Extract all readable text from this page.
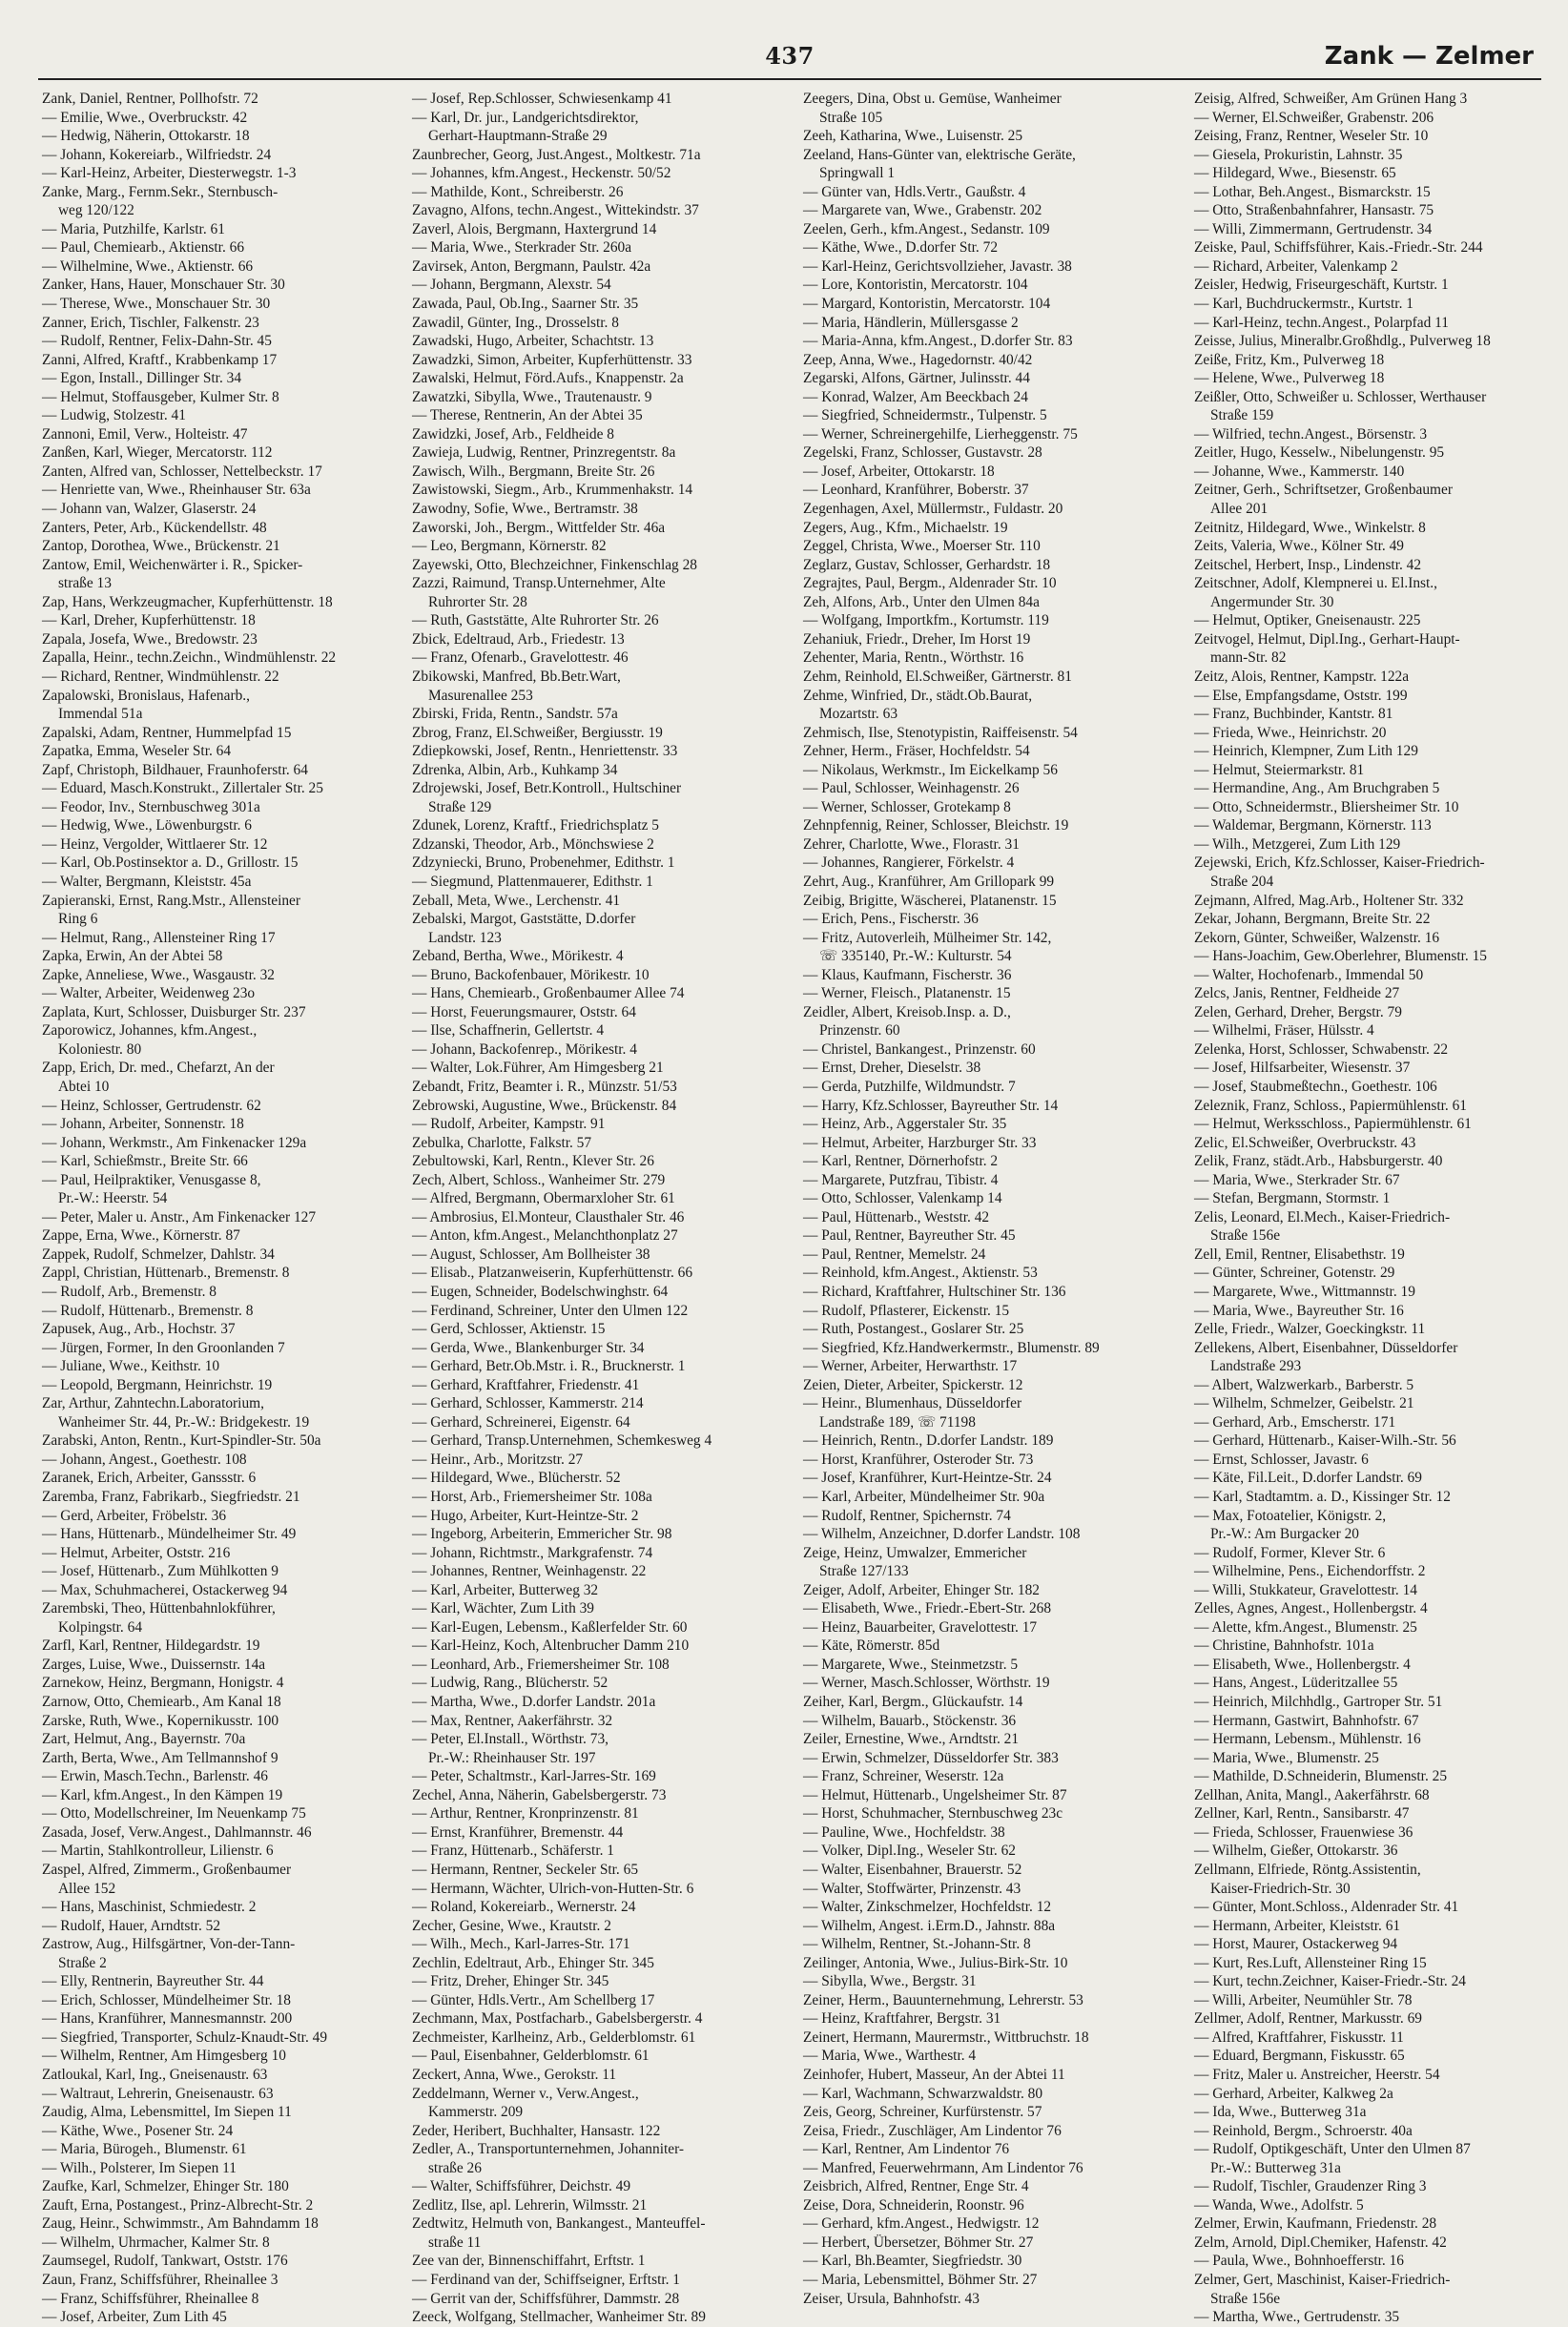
437	Zank — Zelmer
Zank, Daniel, Rentner, Pollhofstr. 72
— Emilie, Wwe., Overbruckstr. 42
— Hedwig, Näherin, Ottokarstr. 18
— Johann, Kokereiarb., Wilfriedstr. 24
— Karl-Heinz, Arbeiter, Diesterwegstr. 1-3
Zanke, Marg., Fernm.Sekr., Sternbusch-
weg 120/122
— Maria, Putzhilfe, Karlstr. 61
— Paul, Chemiearb., Aktienstr. 66
— Wilhelmine, Wwe., Aktienstr. 66
Zanker, Hans, Hauer, Monschauer Str. 30
— Therese, Wwe., Monschauer Str. 30
Zanner, Erich, Tischler, Falkenstr. 23
— Rudolf, Rentner, Felix-Dahn-Str. 45
Zanni, Alfred, Kraftf., Krabbenkamp 17
— Egon, Install., Dillinger Str. 34
— Helmut, Stoffausgeber, Kulmer Str. 8
— Ludwig, Stolzestr. 41
Zannoni, Emil, Verw., Holteistr. 47
Zanßen, Karl, Wieger, Mercatorstr. 112
Zanten, Alfred van, Schlosser, Nettelbeckstr. 17
— Henriette van, Wwe., Rheinhauser Str. 63a
— Johann van, Walzer, Glaserstr. 24
Zanters, Peter, Arb., Kückendellstr. 48
Zantop, Dorothea, Wwe., Brückenstr. 21
Zantow, Emil, Weichenwärter i. R., Spicker-
straße 13
Zap, Hans, Werkzeugmacher, Kupferhüttenstr. 18
— Karl, Dreher, Kupferhüttenstr. 18
Zapala, Josefa, Wwe., Bredowstr. 23
Zapalla, Heinr., techn.Zeichn., Windmühlenstr. 22
— Richard, Rentner, Windmühlenstr. 22
Zapalowski, Bronislaus, Hafenarb.,
Immendal 51a
Zapalski, Adam, Rentner, Hummelpfad 15
Zapatka, Emma, Weseler Str. 64
Zapf, Christoph, Bildhauer, Fraunhoferstr. 64
— Eduard, Masch.Konstrukt., Zillertaler Str. 25
— Feodor, Inv., Sternbuschweg 301a
— Hedwig, Wwe., Löwenburgstr. 6
— Heinz, Vergolder, Wittlaerer Str. 12
— Karl, Ob.Postinsektor a. D., Grillostr. 15
— Walter, Bergmann, Kleiststr. 45a
Zapieranski, Ernst, Rang.Mstr., Allensteiner
Ring 6
— Helmut, Rang., Allensteiner Ring 17
Zapka, Erwin, An der Abtei 58
Zapke, Anneliese, Wwe., Wasgaustr. 32
— Walter, Arbeiter, Weidenweg 23o
Zaplata, Kurt, Schlosser, Duisburger Str. 237
Zaporowicz, Johannes, kfm.Angest.,
Koloniestr. 80
Zapp, Erich, Dr. med., Chefarzt, An der
Abtei 10
— Heinz, Schlosser, Gertrudenstr. 62
— Johann, Arbeiter, Sonnenstr. 18
— Johann, Werkmstr., Am Finkenacker 129a
— Karl, Schießmstr., Breite Str. 66
— Paul, Heilpraktiker, Venusgasse 8,
Pr.-W.: Heerstr. 54
— Peter, Maler u. Anstr., Am Finkenacker 127
Zappe, Erna, Wwe., Körnerstr. 87
Zappek, Rudolf, Schmelzer, Dahlstr. 34
Zappl, Christian, Hüttenarb., Bremenstr. 8
— Rudolf, Arb., Bremenstr. 8
— Rudolf, Hüttenarb., Bremenstr. 8
Zapusek, Aug., Arb., Hochstr. 37
— Jürgen, Former, In den Groonlanden 7
— Juliane, Wwe., Keithstr. 10
— Leopold, Bergmann, Heinrichstr. 19
Zar, Arthur, Zahntechn.Laboratorium,
Wanheimer Str. 44, Pr.-W.: Bridgekestr. 19
Zarabski, Anton, Rentn., Kurt-Spindler-Str. 50a
— Johann, Angest., Goethestr. 108
Zaranek, Erich, Arbeiter, Ganssstr. 6
Zaremba, Franz, Fabrikarb., Siegfriedstr. 21
— Gerd, Arbeiter, Fröbelstr. 36
— Hans, Hüttenarb., Mündelheimer Str. 49
— Helmut, Arbeiter, Oststr. 216
— Josef, Hüttenarb., Zum Mühlkotten 9
— Max, Schuhmacherei, Ostackerweg 94
Zarembski, Theo, Hüttenbahnlokführer,
Kolpingstr. 64
Zarfl, Karl, Rentner, Hildegardstr. 19
Zarges, Luise, Wwe., Duissernstr. 14a
Zarnekow, Heinz, Bergmann, Honigstr. 4
Zarnow, Otto, Chemiearb., Am Kanal 18
Zarske, Ruth, Wwe., Kopernikusstr. 100
Zart, Helmut, Ang., Bayernstr. 70a
Zarth, Berta, Wwe., Am Tellmannshof 9
— Erwin, Masch.Techn., Barlenstr. 46
— Karl, kfm.Angest., In den Kämpen 19
— Otto, Modellschreiner, Im Neuenkamp 75
Zasada, Josef, Verw.Angest., Dahlmannstr. 46
— Martin, Stahlkontrolleur, Lilienstr. 6
Zaspel, Alfred, Zimmerm., Großenbaumer
Allee 152
— Hans, Maschinist, Schmiedestr. 2
— Rudolf, Hauer, Arndtstr. 52
Zastrow, Aug., Hilfsgärtner, Von-der-Tann-
Straße 2
— Elly, Rentnerin, Bayreuther Str. 44
— Erich, Schlosser, Mündelheimer Str. 18
— Hans, Kranführer, Mannesmannstr. 200
— Siegfried, Transporter, Schulz-Knaudt-Str. 49
— Wilhelm, Rentner, Am Himgesberg 10
Zatloukal, Karl, Ing., Gneisenaustr. 63
— Waltraut, Lehrerin, Gneisenaustr. 63
Zaudig, Alma, Lebensmittel, Im Siepen 11
— Käthe, Wwe., Posener Str. 24
— Maria, Bürogeh., Blumenstr. 61
— Wilh., Polsterer, Im Siepen 11
Zaufke, Karl, Schmelzer, Ehinger Str. 180
Zauft, Erna, Postangest., Prinz-Albrecht-Str. 2
Zaug, Heinr., Schwimmstr., Am Bahndamm 18
— Wilhelm, Uhrmacher, Kalmer Str. 8
Zaumsegel, Rudolf, Tankwart, Oststr. 176
Zaun, Franz, Schiffsführer, Rheinallee 3
— Franz, Schiffsführer, Rheinallee 8
— Josef, Arbeiter, Zum Lith 45
— Josef, Rep.Schlosser, Schwiesenkamp 41
— Karl, Dr. jur., Landgerichtsdirektor,
Gerhart-Hauptmann-Straße 29
Zaunbrecher, Georg, Just.Angest., Moltkestr. 71a
— Johannes, kfm.Angest., Heckenstr. 50/52
— Mathilde, Kont., Schreiberstr. 26
Zavagno, Alfons, techn.Angest., Wittekindstr. 37
Zaverl, Alois, Bergmann, Haxtergrund 14
— Maria, Wwe., Sterkrader Str. 260a
Zavirsek, Anton, Bergmann, Paulstr. 42a
— Johann, Bergmann, Alexstr. 54
Zawada, Paul, Ob.Ing., Saarner Str. 35
Zawadil, Günter, Ing., Drosselstr. 8
Zawadski, Hugo, Arbeiter, Schachtstr. 13
Zawadzki, Simon, Arbeiter, Kupferhüttenstr. 33
Zawalski, Helmut, Förd.Aufs., Knappenstr. 2a
Zawatzki, Sibylla, Wwe., Trautenaustr. 9
— Therese, Rentnerin, An der Abtei 35
Zawidzki, Josef, Arb., Feldheide 8
Zawieja, Ludwig, Rentner, Prinzregentstr. 8a
Zawisch, Wilh., Bergmann, Breite Str. 26
Zawistowski, Siegm., Arb., Krummenhakstr. 14
Zawodny, Sofie, Wwe., Bertramstr. 38
Zaworski, Joh., Bergm., Wittfelder Str. 46a
— Leo, Bergmann, Körnerstr. 82
Zayewski, Otto, Blechzeichner, Finkenschlag 28
Zazzi, Raimund, Transp.Unternehmer, Alte
Ruhrorter Str. 28
— Ruth, Gaststätte, Alte Ruhrorter Str. 26
Zbick, Edeltraud, Arb., Friedestr. 13
— Franz, Ofenarb., Gravelottestr. 46
Zbikowski, Manfred, Bb.Betr.Wart,
Masurenallee 253
Zbirski, Frida, Rentn., Sandstr. 57a
Zbrog, Franz, El.Schweißer, Bergiusstr. 19
Zdiepkowski, Josef, Rentn., Henriettenstr. 33
Zdrenka, Albin, Arb., Kuhkamp 34
Zdrojewski, Josef, Betr.Kontroll., Hultschiner
Straße 129
Zdunek, Lorenz, Kraftf., Friedrichsplatz 5
Zdzanski, Theodor, Arb., Mönchswiese 2
Zdzyniecki, Bruno, Probenehmer, Edithstr. 1
— Siegmund, Plattenmauerer, Edithstr. 1
Zeball, Meta, Wwe., Lerchenstr. 41
Zebalski, Margot, Gaststätte, D.dorfer
Landstr. 123
Zeband, Bertha, Wwe., Mörikestr. 4
— Bruno, Backofenbauer, Mörikestr. 10
— Hans, Chemiearb., Großenbaumer Allee 74
— Horst, Feuerungsmaurer, Oststr. 64
— Ilse, Schaffnerin, Gellertstr. 4
— Johann, Backofenrep., Mörikestr. 4
— Walter, Lok.Führer, Am Himgesberg 21
Zebandt, Fritz, Beamter i. R., Münzstr. 51/53
Zebrowski, Augustine, Wwe., Brückenstr. 84
— Rudolf, Arbeiter, Kampstr. 91
Zebulka, Charlotte, Falkstr. 57
Zebultowski, Karl, Rentn., Klever Str. 26
Zech, Albert, Schloss., Wanheimer Str. 279
— Alfred, Bergmann, Obermarxloher Str. 61
— Ambrosius, El.Monteur, Clausthaler Str. 46
— Anton, kfm.Angest., Melanchthonplatz 27
— August, Schlosser, Am Bollheister 38
— Elisab., Platzanweiserin, Kupferhüttenstr. 66
— Eugen, Schneider, Bodelschwinghstr. 64
— Ferdinand, Schreiner, Unter den Ulmen 122
— Gerd, Schlosser, Aktienstr. 15
— Gerda, Wwe., Blankenburger Str. 34
— Gerhard, Betr.Ob.Mstr. i. R., Brucknerstr. 1
— Gerhard, Kraftfahrer, Friedenstr. 41
— Gerhard, Schlosser, Kammerstr. 214
— Gerhard, Schreinerei, Eigenstr. 64
— Gerhard, Transp.Unternehmen, Schemkesweg 4
— Heinr., Arb., Moritzstr. 27
— Hildegard, Wwe., Blücherstr. 52
— Horst, Arb., Friemersheimer Str. 108a
— Hugo, Arbeiter, Kurt-Heintze-Str. 2
— Ingeborg, Arbeiterin, Emmericher Str. 98
— Johann, Richtmstr., Markgrafenstr. 74
— Johannes, Rentner, Weinhagenstr. 22
— Karl, Arbeiter, Butterweg 32
— Karl, Wächter, Zum Lith 39
— Karl-Eugen, Lebensm., Kaßlerfelder Str. 60
— Karl-Heinz, Koch, Altenbrucher Damm 210
— Leonhard, Arb., Friemersheimer Str. 108
— Ludwig, Rang., Blücherstr. 52
— Martha, Wwe., D.dorfer Landstr. 201a
— Max, Rentner, Aakerfährstr. 32
— Peter, El.Install., Wörthstr. 73,
Pr.-W.: Rheinhauser Str. 197
— Peter, Schaltmstr., Karl-Jarres-Str. 169
Zechel, Anna, Näherin, Gabelsbergerstr. 73
— Arthur, Rentner, Kronprinzenstr. 81
— Ernst, Kranführer, Bremenstr. 44
— Franz, Hüttenarb., Schäferstr. 1
— Hermann, Rentner, Seckeler Str. 65
— Hermann, Wächter, Ulrich-von-Hutten-Str. 6
— Roland, Kokereiarb., Wernerstr. 24
Zecher, Gesine, Wwe., Krautstr. 2
— Wilh., Mech., Karl-Jarres-Str. 171
Zechlin, Edeltraut, Arb., Ehinger Str. 345
— Fritz, Dreher, Ehinger Str. 345
— Günter, Hdls.Vertr., Am Schellberg 17
Zechmann, Max, Postfacharb., Gabelsbergerstr. 4
Zechmeister, Karlheinz, Arb., Gelderblomstr. 61
— Paul, Eisenbahner, Gelderblomstr. 61
Zeckert, Anna, Wwe., Gerokstr. 11
Zeddelmann, Werner v., Verw.Angest.,
Kammerstr. 209
Zeder, Heribert, Buchhalter, Hansastr. 122
Zedler, A., Transportunternehmen, Johanniter-
straße 26
— Walter, Schiffsführer, Deichstr. 49
Zedlitz, Ilse, apl. Lehrerin, Wilmsstr. 21
Zedtwitz, Helmuth von, Bankangest., Manteuffel-
straße 11
Zee van der, Binnenschiffahrt, Erftstr. 1
— Ferdinand van der, Schiffseigner, Erftstr. 1
— Gerrit van der, Schiffsführer, Dammstr. 28
Zeeck, Wolfgang, Stellmacher, Wanheimer Str. 89
Zeegers, Dina, Obst u. Gemüse, Wanheimer
Straße 105
Zeeh, Katharina, Wwe., Luisenstr. 25
Zeeland, Hans-Günter van, elektrische Geräte,
Springwall 1
— Günter van, Hdls.Vertr., Gaußstr. 4
— Margarete van, Wwe., Grabenstr. 202
Zeelen, Gerh., kfm.Angest., Sedanstr. 109
— Käthe, Wwe., D.dorfer Str. 72
— Karl-Heinz, Gerichtsvollzieher, Javastr. 38
— Lore, Kontoristin, Mercatorstr. 104
— Margard, Kontoristin, Mercatorstr. 104
— Maria, Händlerin, Müllersgasse 2
— Maria-Anna, kfm.Angest., D.dorfer Str. 83
Zeep, Anna, Wwe., Hagedornstr. 40/42
Zegarski, Alfons, Gärtner, Julinsstr. 44
— Konrad, Walzer, Am Beeckbach 24
— Siegfried, Schneidermstr., Tulpenstr. 5
— Werner, Schreinergehilfe, Lierheggenstr. 75
Zegelski, Franz, Schlosser, Gustavstr. 28
— Josef, Arbeiter, Ottokarstr. 18
— Leonhard, Kranführer, Boberstr. 37
Zegenhagen, Axel, Müllermstr., Fuldastr. 20
Zegers, Aug., Kfm., Michaelstr. 19
Zeggel, Christa, Wwe., Moerser Str. 110
Zeglarz, Gustav, Schlosser, Gerhardstr. 18
Zegrajtes, Paul, Bergm., Aldenrader Str. 10
Zeh, Alfons, Arb., Unter den Ulmen 84a
— Wolfgang, Importkfm., Kortumstr. 119
Zehaniuk, Friedr., Dreher, Im Horst 19
Zehenter, Maria, Rentn., Wörthstr. 16
Zehm, Reinhold, El.Schweißer, Gärtnerstr. 81
Zehme, Winfried, Dr., städt.Ob.Baurat,
Mozartstr. 63
Zehmisch, Ilse, Stenotypistin, Raiffeisenstr. 54
Zehner, Herm., Fräser, Hochfeldstr. 54
— Nikolaus, Werkmstr., Im Eickelkamp 56
— Paul, Schlosser, Weinhagenstr. 26
— Werner, Schlosser, Grotekamp 8
Zehnpfennig, Reiner, Schlosser, Bleichstr. 19
Zehrer, Charlotte, Wwe., Florastr. 31
— Johannes, Rangierer, Förkelstr. 4
Zehrt, Aug., Kranführer, Am Grillopark 99
Zeibig, Brigitte, Wäscherei, Platanenstr. 15
— Erich, Pens., Fischerstr. 36
— Fritz, Autoverleih, Mülheimer Str. 142,
☏ 335140, Pr.-W.: Kulturstr. 54
— Klaus, Kaufmann, Fischerstr. 36
— Werner, Fleisch., Platanenstr. 15
Zeidler, Albert, Kreisob.Insp. a. D.,
Prinzenstr. 60
— Christel, Bankangest., Prinzenstr. 60
— Ernst, Dreher, Dieselstr. 38
— Gerda, Putzhilfe, Wildmundstr. 7
— Harry, Kfz.Schlosser, Bayreuther Str. 14
— Heinz, Arb., Aggerstaler Str. 35
— Helmut, Arbeiter, Harzburger Str. 33
— Karl, Rentner, Dörnerhofstr. 2
— Margarete, Putzfrau, Tibistr. 4
— Otto, Schlosser, Valenkamp 14
— Paul, Hüttenarb., Weststr. 42
— Paul, Rentner, Bayreuther Str. 45
— Paul, Rentner, Memelstr. 24
— Reinhold, kfm.Angest., Aktienstr. 53
— Richard, Kraftfahrer, Hultschiner Str. 136
— Rudolf, Pflasterer, Eickenstr. 15
— Ruth, Postangest., Goslarer Str. 25
— Siegfried, Kfz.Handwerkermstr., Blumenstr. 89
— Werner, Arbeiter, Herwarthstr. 17
Zeien, Dieter, Arbeiter, Spickerstr. 12
— Heinr., Blumenhaus, Düsseldorfer
Landstraße 189, ☏ 71198
— Heinrich, Rentn., D.dorfer Landstr. 189
— Horst, Kranführer, Osteroder Str. 73
— Josef, Kranführer, Kurt-Heintze-Str. 24
— Karl, Arbeiter, Mündelheimer Str. 90a
— Rudolf, Rentner, Spichernstr. 74
— Wilhelm, Anzeichner, D.dorfer Landstr. 108
Zeige, Heinz, Umwalzer, Emmericher
Straße 127/133
Zeiger, Adolf, Arbeiter, Ehinger Str. 182
— Elisabeth, Wwe., Friedr.-Ebert-Str. 268
— Heinz, Bauarbeiter, Gravelottestr. 17
— Käte, Römerstr. 85d
— Margarete, Wwe., Steinmetzstr. 5
— Werner, Masch.Schlosser, Wörthstr. 19
Zeiher, Karl, Bergm., Glückaufstr. 14
— Wilhelm, Bauarb., Stöckenstr. 36
Zeiler, Ernestine, Wwe., Arndtstr. 21
— Erwin, Schmelzer, Düsseldorfer Str. 383
— Franz, Schreiner, Weserstr. 12a
— Helmut, Hüttenarb., Ungelsheimer Str. 87
— Horst, Schuhmacher, Sternbuschweg 23c
— Pauline, Wwe., Hochfeldstr. 38
— Volker, Dipl.Ing., Weseler Str. 62
— Walter, Eisenbahner, Brauerstr. 52
— Walter, Stoffwärter, Prinzenstr. 43
— Walter, Zinkschmelzer, Hochfeldstr. 12
— Wilhelm, Angest. i.Erm.D., Jahnstr. 88a
— Wilhelm, Rentner, St.-Johann-Str. 8
Zeilinger, Antonia, Wwe., Julius-Birk-Str. 10
— Sibylla, Wwe., Bergstr. 31
Zeiner, Herm., Bauunternehmung, Lehrerstr. 53
— Heinz, Kraftfahrer, Bergstr. 31
Zeinert, Hermann, Maurermstr., Wittbruchstr. 18
— Maria, Wwe., Warthestr. 4
Zeinhofer, Hubert, Masseur, An der Abtei 11
— Karl, Wachmann, Schwarzwaldstr. 80
Zeis, Georg, Schreiner, Kurfürstenstr. 57
Zeisa, Friedr., Zuschläger, Am Lindentor 76
— Karl, Rentner, Am Lindentor 76
— Manfred, Feuerwehrmann, Am Lindentor 76
Zeisbrich, Alfred, Rentner, Enge Str. 4
Zeise, Dora, Schneiderin, Roonstr. 96
— Gerhard, kfm.Angest., Hedwigstr. 12
— Herbert, Übersetzer, Böhmer Str. 27
— Karl, Bh.Beamter, Siegfriedstr. 30
— Maria, Lebensmittel, Böhmer Str. 27
Zeiser, Ursula, Bahnhofstr. 43
Zeisig, Alfred, Schweißer, Am Grünen Hang 3
— Werner, El.Schweißer, Grabenstr. 206
Zeising, Franz, Rentner, Weseler Str. 10
— Giesela, Prokuristin, Lahnstr. 35
— Hildegard, Wwe., Biesenstr. 65
— Lothar, Beh.Angest., Bismarckstr. 15
— Otto, Straßenbahnfahrer, Hansastr. 75
— Willi, Zimmermann, Gertrudenstr. 34
Zeiske, Paul, Schiffsführer, Kais.-Friedr.-Str. 244
— Richard, Arbeiter, Valenkamp 2
Zeisler, Hedwig, Friseurgeschäft, Kurtstr. 1
— Karl, Buchdruckermstr., Kurtstr. 1
— Karl-Heinz, techn.Angest., Polarpfad 11
Zeisse, Julius, Mineralbr.Großhdlg., Pulverweg 18
Zeiße, Fritz, Km., Pulverweg 18
— Helene, Wwe., Pulverweg 18
Zeißler, Otto, Schweißer u. Schlosser, Werthauser
Straße 159
— Wilfried, techn.Angest., Börsenstr. 3
Zeitler, Hugo, Kesselw., Nibelungenstr. 95
— Johanne, Wwe., Kammerstr. 140
Zeitner, Gerh., Schriftsetzer, Großenbaumer
Allee 201
Zeitnitz, Hildegard, Wwe., Winkelstr. 8
Zeits, Valeria, Wwe., Kölner Str. 49
Zeitschel, Herbert, Insp., Lindenstr. 42
Zeitschner, Adolf, Klempnerei u. El.Inst.,
Angermunder Str. 30
— Helmut, Optiker, Gneisenaustr. 225
Zeitvogel, Helmut, Dipl.Ing., Gerhart-Haupt-
mann-Str. 82
Zeitz, Alois, Rentner, Kampstr. 122a
— Else, Empfangsdame, Oststr. 199
— Franz, Buchbinder, Kantstr. 81
— Frieda, Wwe., Heinrichstr. 20
— Heinrich, Klempner, Zum Lith 129
— Helmut, Steiermarkstr. 81
— Hermandine, Ang., Am Bruchgraben 5
— Otto, Schneidermstr., Bliersheimer Str. 10
— Waldemar, Bergmann, Körnerstr. 113
— Wilh., Metzgerei, Zum Lith 129
Zejewski, Erich, Kfz.Schlosser, Kaiser-Friedrich-
Straße 204
Zejmann, Alfred, Mag.Arb., Holtener Str. 332
Zekar, Johann, Bergmann, Breite Str. 22
Zekorn, Günter, Schweißer, Walzenstr. 16
— Hans-Joachim, Gew.Oberlehrer, Blumenstr. 15
— Walter, Hochofenarb., Immendal 50
Zelcs, Janis, Rentner, Feldheide 27
Zelen, Gerhard, Dreher, Bergstr. 79
— Wilhelmi, Fräser, Hülsstr. 4
Zelenka, Horst, Schlosser, Schwabenstr. 22
— Josef, Hilfsarbeiter, Wiesenstr. 37
— Josef, Staubmeßtechn., Goethestr. 106
Zeleznik, Franz, Schloss., Papiermühlenstr. 61
— Helmut, Werksschloss., Papiermühlenstr. 61
Zelic, El.Schweißer, Overbruckstr. 43
Zelik, Franz, städt.Arb., Habsburgerstr. 40
— Maria, Wwe., Sterkrader Str. 67
— Stefan, Bergmann, Stormstr. 1
Zelis, Leonard, El.Mech., Kaiser-Friedrich-
Straße 156e
Zell, Emil, Rentner, Elisabethstr. 19
— Günter, Schreiner, Gotenstr. 29
— Margarete, Wwe., Wittmannstr. 19
— Maria, Wwe., Bayreuther Str. 16
Zelle, Friedr., Walzer, Goeckingkstr. 11
Zellekens, Albert, Eisenbahner, Düsseldorfer
Landstraße 293
— Albert, Walzwerkarb., Barberstr. 5
— Wilhelm, Schmelzer, Geibelstr. 21
— Gerhard, Arb., Emscherstr. 171
— Gerhard, Hüttenarb., Kaiser-Wilh.-Str. 56
— Ernst, Schlosser, Javastr. 6
— Käte, Fil.Leit., D.dorfer Landstr. 69
— Karl, Stadtamtm. a. D., Kissinger Str. 12
— Max, Fotoatelier, Königstr. 2,
Pr.-W.: Am Burgacker 20
— Rudolf, Former, Klever Str. 6
— Wilhelmine, Pens., Eichendorffstr. 2
— Willi, Stukkateur, Gravelottestr. 14
Zelles, Agnes, Angest., Hollenbergstr. 4
— Alette, kfm.Angest., Blumenstr. 25
— Christine, Bahnhofstr. 101a
— Elisabeth, Wwe., Hollenbergstr. 4
— Hans, Angest., Lüderitzallee 55
— Heinrich, Milchhdlg., Gartroper Str. 51
— Hermann, Gastwirt, Bahnhofstr. 67
— Hermann, Lebensm., Mühlenstr. 16
— Maria, Wwe., Blumenstr. 25
— Mathilde, D.Schneiderin, Blumenstr. 25
Zellhan, Anita, Mangl., Aakerfährstr. 68
Zellner, Karl, Rentn., Sansibarstr. 47
— Frieda, Schlosser, Frauenwiese 36
— Wilhelm, Gießer, Ottokarstr. 36
Zellmann, Elfriede, Röntg.Assistentin,
Kaiser-Friedrich-Str. 30
— Günter, Mont.Schloss., Aldenrader Str. 41
— Hermann, Arbeiter, Kleiststr. 61
— Horst, Maurer, Ostackerweg 94
— Kurt, Res.Luft, Allensteiner Ring 15
— Kurt, techn.Zeichner, Kaiser-Friedr.-Str. 24
— Willi, Arbeiter, Neumühler Str. 78
Zellmer, Adolf, Rentner, Markusstr. 69
— Alfred, Kraftfahrer, Fiskusstr. 11
— Eduard, Bergmann, Fiskusstr. 65
— Fritz, Maler u. Anstreicher, Heerstr. 54
— Gerhard, Arbeiter, Kalkweg 2a
— Ida, Wwe., Butterweg 31a
— Reinhold, Bergm., Schroerstr. 40a
— Rudolf, Optikgeschäft, Unter den Ulmen 87
Pr.-W.: Butterweg 31a
— Rudolf, Tischler, Graudenzer Ring 3
— Wanda, Wwe., Adolfstr. 5
Zelmer, Erwin, Kaufmann, Friedenstr. 28
Zelm, Arnold, Dipl.Chemiker, Hafenstr. 42
— Paula, Wwe., Bohnhoefferstr. 16
Zelmer, Gert, Maschinist, Kaiser-Friedrich-
Straße 156e
— Martha, Wwe., Gertrudenstr. 35
